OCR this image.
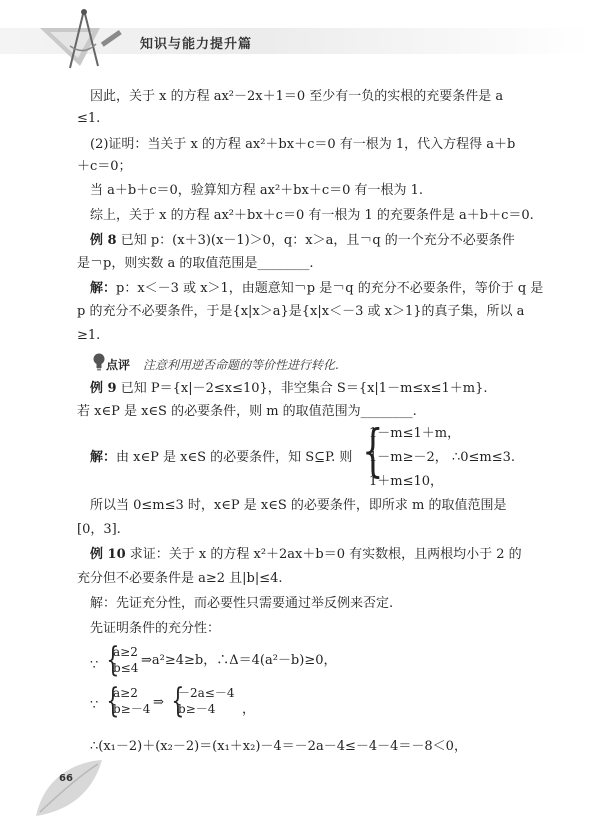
知识与能力提升篇
因此，关于 x 的方程 ax²－2x＋1＝0 至少有一负的实根的充要条件是 a
≤1.
(2)证明：当关于 x 的方程 ax²＋bx＋c＝0 有一根为 1，代入方程得 a＋b
＋c＝0；
当 a＋b＋c＝0，验算知方程 ax²＋bx＋c＝0 有一根为 1.
综上，关于 x 的方程 ax²＋bx＋c＝0 有一根为 1 的充要条件是 a＋b＋c＝0.
例 8 已知 p：(x＋3)(x－1)＞0，q：x＞a，且￢q 的一个充分不必要条件
是￢p，则实数 a 的取值范围是________.
解：p：x＜－3 或 x＞1，由题意知￢p 是￢q 的充分不必要条件，等价于 q 是
p 的充分不必要条件，于是{x|x＞a}是{x|x＜－3 或 x＞1}的真子集，所以 a
≥1.
点评 注意利用逆否命题的等价性进行转化.
例 9 已知 P＝{x|－2≤x≤10}，非空集合 S＝{x|1－m≤x≤1＋m}.
若 x∈P 是 x∈S 的必要条件，则 m 的取值范围为________.
解：由 x∈P 是 x∈S 的必要条件，知 S⊆P. 则 {
1－m≤1＋m，
1－m≥－2，
1＋m≤10，
∴0≤m≤3.
所以当 0≤m≤3 时，x∈P 是 x∈S 的必要条件，即所求 m 的取值范围是
[0，3].
例 10 求证：关于 x 的方程 x²＋2ax＋b＝0 有实数根，且两根均小于 2 的
充分但不必要条件是 a≥2 且|b|≤4.
解：先证充分性，而必要性只需要通过举反例来否定.
先证明条件的充分性：
∵ {
a≥2
b≤4 ⇒a²≥4≥b，∴Δ＝4(a²－b)≥0，
∵ {
a≥2
b≥－4 ⇒ {
－2a≤－4
b≥－4	，
∴(x₁－2)＋(x₂－2)＝(x₁＋x₂)－4＝－2a－4≤－4－4＝－8＜0，
66
